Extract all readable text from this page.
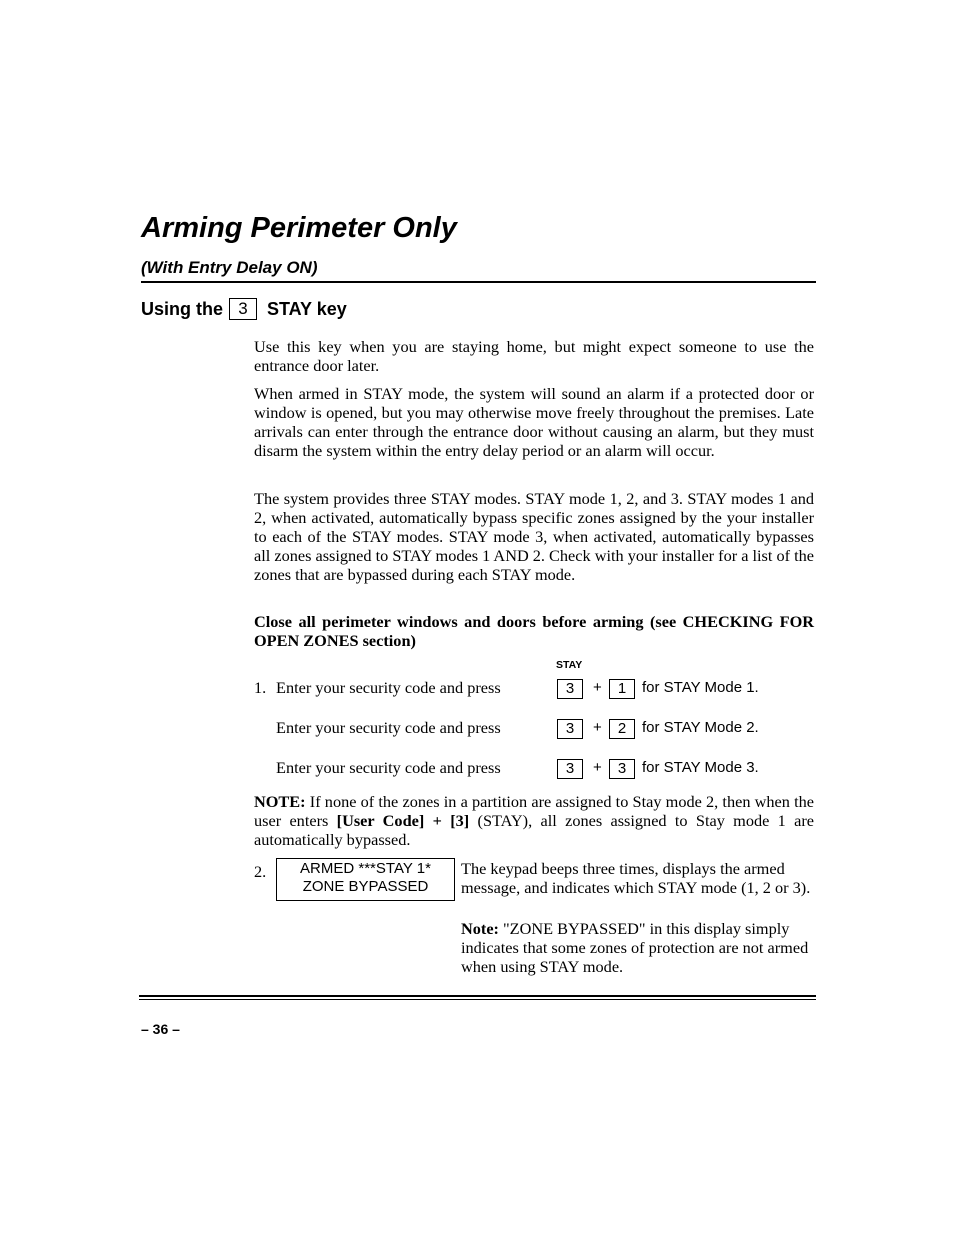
Arming Perimeter Only
(With Entry Delay ON)
Using the 3	STAY key
Use this key when you are staying home, but might expect someone to use the entrance door later.
When armed in STAY mode, the system will sound an alarm if a protected door or window is opened, but you may otherwise move freely throughout the premises. Late arrivals can enter through the entrance door without causing an alarm, but they must disarm the system within the entry delay period or an alarm will occur.
The system provides three STAY modes. STAY mode 1, 2, and 3. STAY modes 1 and 2, when activated, automatically bypass specific zones assigned by the your installer to each of the STAY modes. STAY mode 3, when activated, automatically bypasses all zones assigned to STAY modes 1 AND 2. Check with your installer for a list of the zones that are bypassed during each STAY mode.
Close all perimeter windows and doors before arming (see CHECKING FOR OPEN ZONES section)
STAY
1. Enter your security code and press	3	+	1	for STAY Mode 1.
Enter your security code and press	3	+	2	for STAY Mode 2.
Enter your security code and press	3	+	3	for STAY Mode 3.
NOTE: If none of the zones in a partition are assigned to Stay mode 2, then when the user enters [User Code] + [3] (STAY), all zones assigned to Stay mode 1 are automatically bypassed.
2.	ARMED ***STAY 1*
ZONE BYPASSED
The keypad beeps three times, displays the armed message, and indicates which STAY mode (1, 2 or 3).
Note: "ZONE BYPASSED" in this display simply indicates that some zones of protection are not armed when using STAY mode.
– 36 –
